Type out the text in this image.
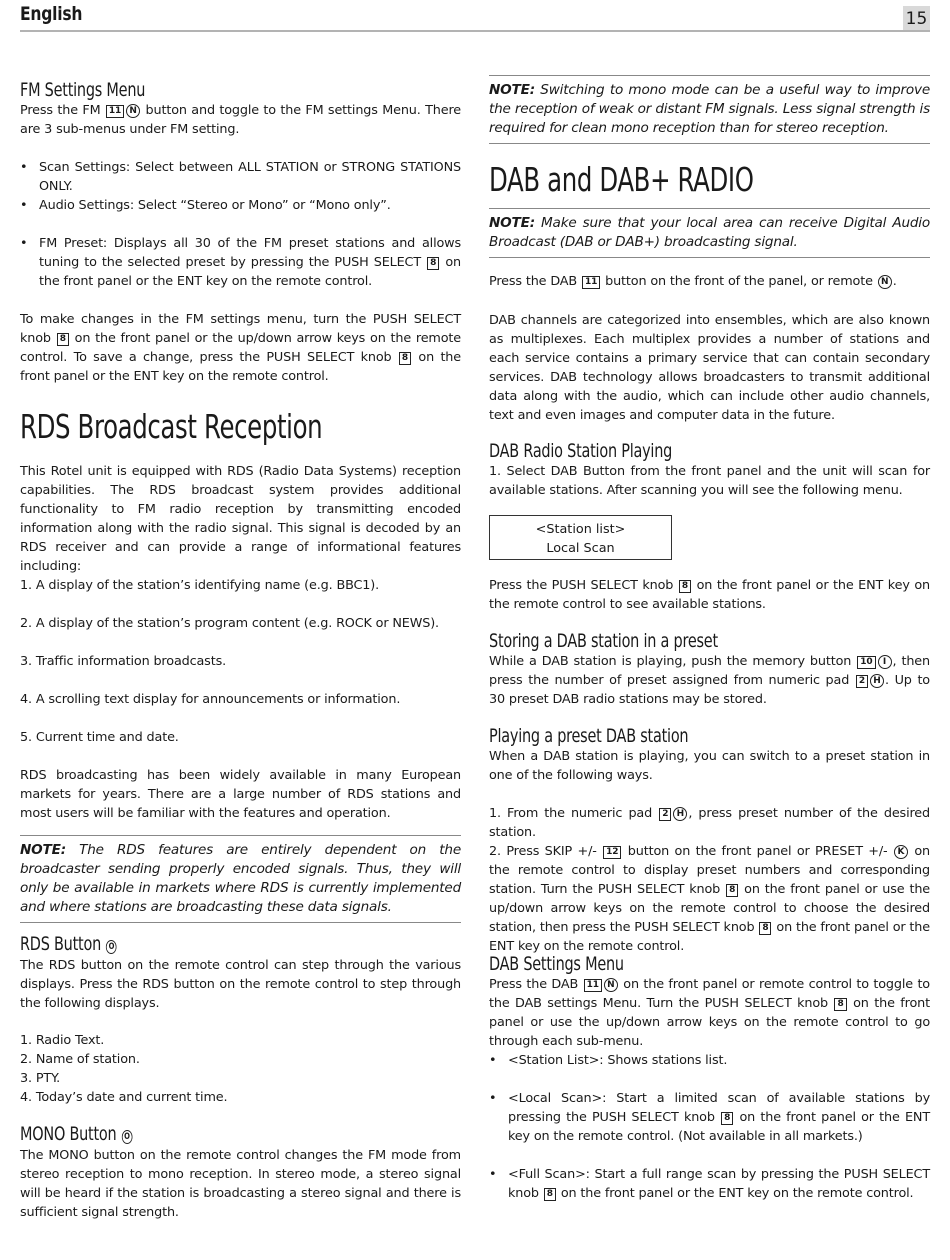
English	15
FM Settings Menu

Press the FM 11 N button and toggle to the FM settings Menu. There are 3 sub-menus under FM setting.

• Scan Settings: Select between ALL STATION or STRONG STATIONS ONLY.
• Audio Settings: Select “Stereo or Mono” or “Mono only”.
• FM Preset: Displays all 30 of the FM preset stations and allows tuning to the selected preset by pressing the PUSH SELECT 8 on the front panel or the ENT key on the remote control.

To make changes in the FM settings menu, turn the PUSH SELECT knob 8 on the front panel or the up/down arrow keys on the remote control. To save a change, press the PUSH SELECT knob 8 on the front panel or the ENT key on the remote control.

RDS Broadcast Reception

This Rotel unit is equipped with RDS (Radio Data Systems) reception capabilities. The RDS broadcast system provides additional functionality to FM radio reception by transmitting encoded information along with the radio signal. This signal is decoded by an RDS receiver and can provide a range of informational features including:

1. A display of the station’s identifying name (e.g. BBC1).

2. A display of the station’s program content (e.g. ROCK or NEWS).

3. Traffic information broadcasts.

4. A scrolling text display for announcements or information.

5. Current time and date.

RDS broadcasting has been widely available in many European markets for years. There are a large number of RDS stations and most users will be familiar with the features and operation.

NOTE: The RDS features are entirely dependent on the broadcaster sending properly encoded signals. Thus, they will only be available in markets where RDS is currently implemented and where stations are broadcasting these data signals.
RDS Button O

The RDS button on the remote control can step through the various displays. Press the RDS button on the remote control to step through the following displays.

1. Radio Text.
2. Name of station.
3. PTY.
4. Today’s date and current time.

MONO Button O

The MONO button on the remote control changes the FM mode from stereo reception to mono reception. In stereo mode, a stereo signal will be heard if the station is broadcasting a stereo signal and there is sufficient signal strength.

NOTE: Switching to mono mode can be a useful way to improve the reception of weak or distant FM signals. Less signal strength is required for clean mono reception than for stereo reception.
DAB and DAB+ RADIO
NOTE: Make sure that your local area can receive Digital Audio Broadcast (DAB or DAB+) broadcasting signal.

Press the DAB 11 button on the front of the panel, or remote N .

DAB channels are categorized into ensembles, which are also known as multiplexes. Each multiplex provides a number of stations and each service contains a primary service that can contain secondary services. DAB technology allows broadcasters to transmit additional data along with the audio, which can include other audio channels, text and even images and computer data in the future.

DAB Radio Station Playing

1. Select DAB Button from the front panel and the unit will scan for available stations. After scanning you will see the following menu.

<Station list>
Local Scan

Press the PUSH SELECT knob 8 on the front panel or the ENT key on the remote control to see available stations.

Storing a DAB station in a preset

While a DAB station is playing, push the memory button 10 I , then press the number of preset assigned from numeric pad 2 H . Up to 30 preset DAB radio stations may be stored.

Playing a preset DAB station

When a DAB station is playing, you can switch to a preset station in one of the following ways.

1. From the numeric pad 2 H , press preset number of the desired station.

2. Press SKIP +/- 12 button on the front panel or PRESET +/- K on the remote control to display preset numbers and corresponding station. Turn the PUSH SELECT knob 8 on the front panel or use the up/down arrow keys on the remote control to choose the desired station, then press the PUSH SELECT knob 8 on the front panel or the ENT key on the remote control.

DAB Settings Menu

Press the DAB 11 N on the front panel or remote control to toggle to the DAB settings Menu. Turn the PUSH SELECT knob 8 on the front panel or use the up/down arrow keys on the remote control to go through each sub-menu.

• <Station List>: Shows stations list.
• <Local Scan>: Start a limited scan of available stations by pressing the PUSH SELECT knob 8 on the front panel or the ENT key on the remote control. (Not available in all markets.)
• <Full Scan>: Start a full range scan by pressing the PUSH SELECT knob 8 on the front panel or the ENT key on the remote control.
